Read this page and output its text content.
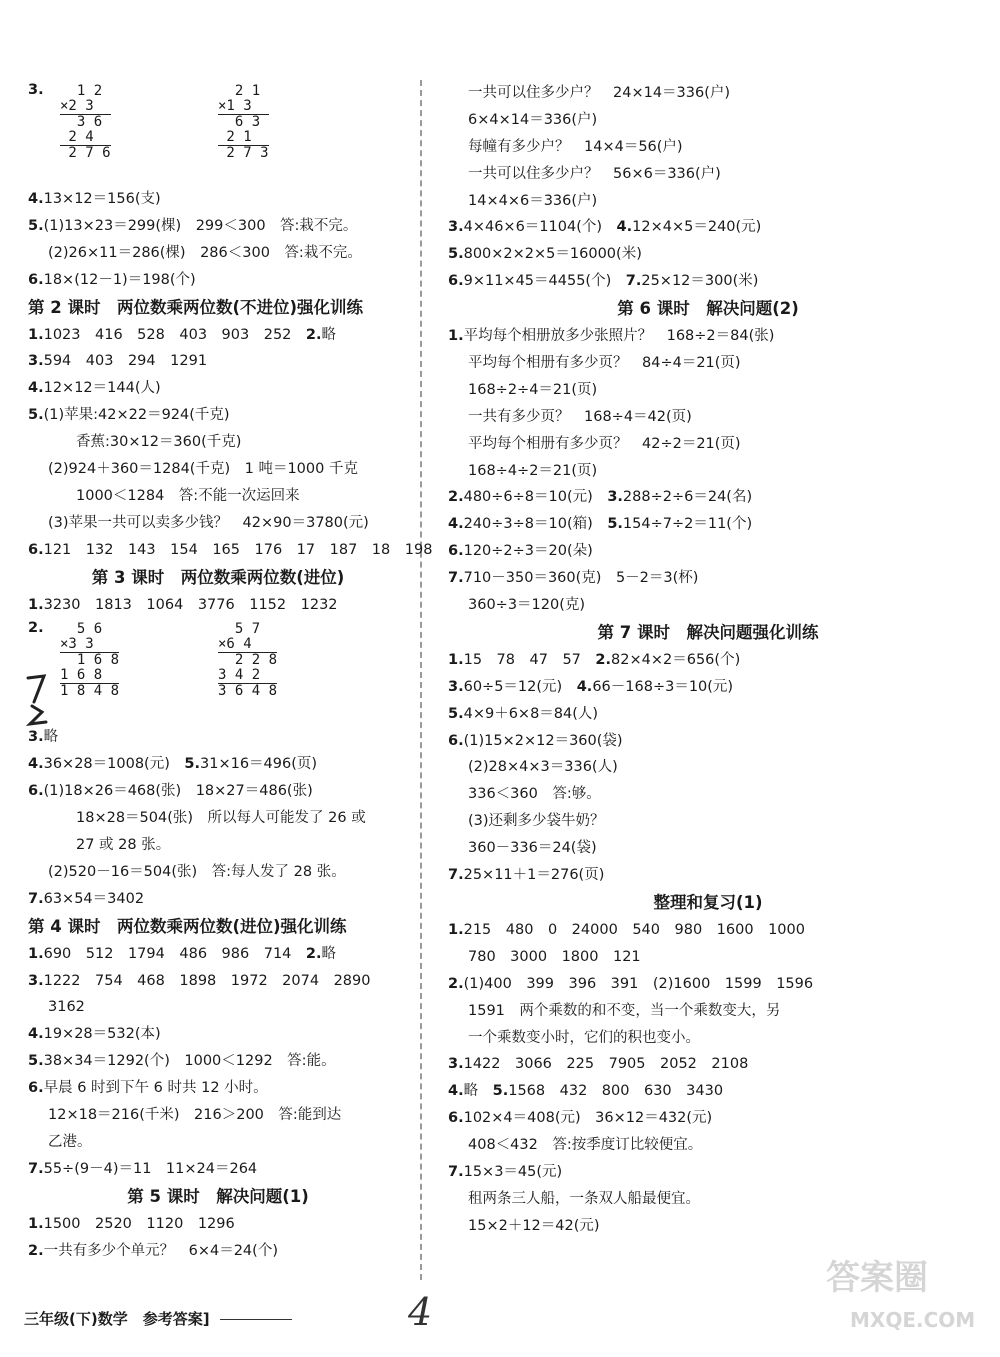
3. 1 2
×2 3
3 6
2 4
2 7 6
2 1
×1 3
6 3
2 1
2 7 3
4.13×12＝156(支)
5.(1)13×23＝299(棵)　299＜300　答:栽不完。
(2)26×11＝286(棵)　286＜300　答:栽不完。
6.18×(12－1)＝198(个)
第 2 课时　两位数乘两位数(不进位)强化训练
1.1023　416　528　403　903　252　2.略
3.594　403　294　1291
4.12×12＝144(人)
5.(1)苹果:42×22＝924(千克)
香蕉:30×12＝360(千克)
(2)924＋360＝1284(千克)　1 吨＝1000 千克
1000＜1284　答:不能一次运回来
(3)苹果一共可以卖多少钱？　42×90＝3780(元)
6.121　132　143　154　165　176　17　187　18　198
第 3 课时　两位数乘两位数(进位)
1.3230　1813　1064　3776　1152　1232
2. 5 6
×3 3
1 6 8
1 6 8
1 8 4 8
5 7
×6 4
2 2 8
3 4 2
3 6 4 8
3.略
4.36×28＝1008(元)　5.31×16＝496(页)
6.(1)18×26＝468(张)　18×27＝486(张)
18×28＝504(张)　所以每人可能发了 26 或
27 或 28 张。
(2)520－16＝504(张)　答:每人发了 28 张。
7.63×54＝3402
第 4 课时　两位数乘两位数(进位)强化训练
1.690　512　1794　486　986　714　2.略
3.1222　754　468　1898　1972　2074　2890
3162
4.19×28＝532(本)
5.38×34＝1292(个)　1000＜1292　答:能。
6.早晨 6 时到下午 6 时共 12 小时。
12×18＝216(千米)　216＞200　答:能到达
乙港。
7.55÷(9－4)＝11　11×24＝264
第 5 课时　解决问题(1)
1.1500　2520　1120　1296
2.一共有多少个单元？　6×4＝24(个)
一共可以住多少户？　24×14＝336(户)
6×4×14＝336(户)
每幢有多少户？　14×4＝56(户)
一共可以住多少户？　56×6＝336(户)
14×4×6＝336(户)
3.4×46×6＝1104(个)　4.12×4×5＝240(元)
5.800×2×2×5＝16000(米)
6.9×11×45＝4455(个)　7.25×12＝300(米)
第 6 课时　解决问题(2)
1.平均每个相册放多少张照片？　168÷2＝84(张)
平均每个相册有多少页？　84÷4＝21(页)
168÷2÷4＝21(页)
一共有多少页？　168÷4＝42(页)
平均每个相册有多少页？　42÷2＝21(页)
168÷4÷2＝21(页)
2.480÷6÷8＝10(元)　3.288÷2÷6＝24(名)
4.240÷3÷8＝10(箱)　5.154÷7÷2＝11(个)
6.120÷2÷3＝20(朵)
7.710－350＝360(克)　5－2＝3(杯)
360÷3＝120(克)
第 7 课时　解决问题强化训练
1.15　78　47　57　2.82×4×2＝656(个)
3.60÷5＝12(元)　4.66－168÷3＝10(元)
5.4×9＋6×8＝84(人)
6.(1)15×2×12＝360(袋)
(2)28×4×3＝336(人)
336＜360　答:够。
(3)还剩多少袋牛奶？
360－336＝24(袋)
7.25×11＋1＝276(页)
整理和复习(1)
1.215　480　0　24000　540　980　1600　1000
780　3000　1800　121
2.(1)400　399　396　391　(2)1600　1599　1596
1591　两个乘数的和不变，当一个乘数变大，另
一个乘数变小时，它们的积也变小。
3.1422　3066　225　7905　2052　2108
4.略　5.1568　432　800　630　3430
6.102×4＝408(元)　36×12＝432(元)
408＜432　答:按季度订比较便宜。
7.15×3＝45(元)
租两条三人船，一条双人船最便宜。
15×2＋12＝42(元)
三年级(下)数学　参考答案]	4
答案圈
MXQE.COM
